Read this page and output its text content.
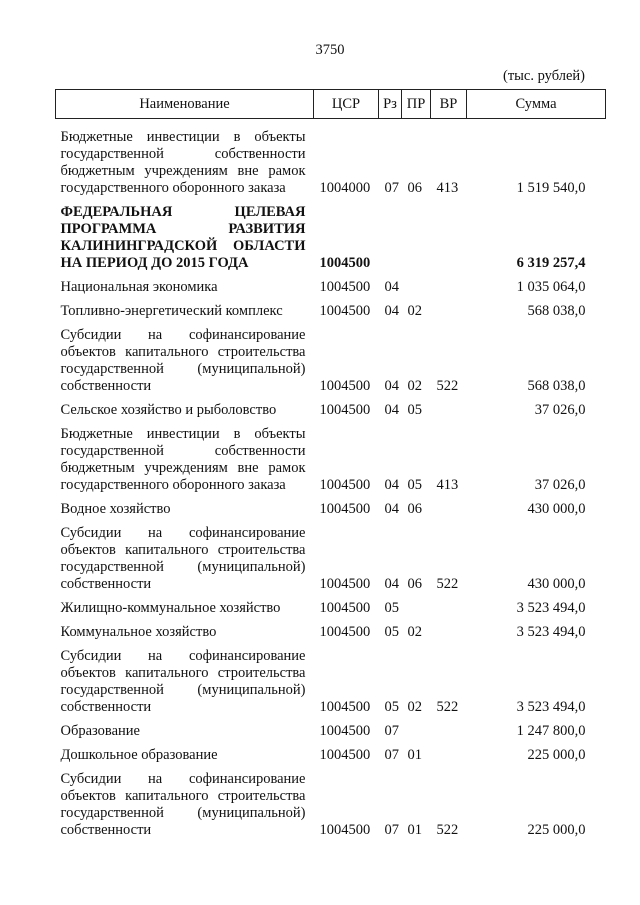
3750
(тыс. рублей)
Наименование	ЦСР	Рз	ПР	ВР	Сумма
Бюджетные инвестиции в объекты государственной собственности бюджетным учреждениям вне рамок государственного оборонного заказа	1004000	07	06	413	1 519 540,0
ФЕДЕРАЛЬНАЯ ЦЕЛЕВАЯ ПРОГРАММА РАЗВИТИЯ КАЛИНИНГРАДСКОЙ ОБЛАСТИ НА ПЕРИОД ДО 2015 ГОДА	1004500				6 319 257,4
Национальная экономика	1004500	04			1 035 064,0
Топливно-энергетический комплекс	1004500	04	02		568 038,0
Субсидии на софинансирование объектов капитального строительства государственной (муниципальной) собственности	1004500	04	02	522	568 038,0
Сельское хозяйство и рыболовство	1004500	04	05		37 026,0
Бюджетные инвестиции в объекты государственной собственности бюджетным учреждениям вне рамок государственного оборонного заказа	1004500	04	05	413	37 026,0
Водное хозяйство	1004500	04	06		430 000,0
Субсидии на софинансирование объектов капитального строительства государственной (муниципальной) собственности	1004500	04	06	522	430 000,0
Жилищно-коммунальное хозяйство	1004500	05			3 523 494,0
Коммунальное хозяйство	1004500	05	02		3 523 494,0
Субсидии на софинансирование объектов капитального строительства государственной (муниципальной) собственности	1004500	05	02	522	3 523 494,0
Образование	1004500	07			1 247 800,0
Дошкольное образование	1004500	07	01		225 000,0
Субсидии на софинансирование объектов капитального строительства государственной (муниципальной) собственности	1004500	07	01	522	225 000,0
